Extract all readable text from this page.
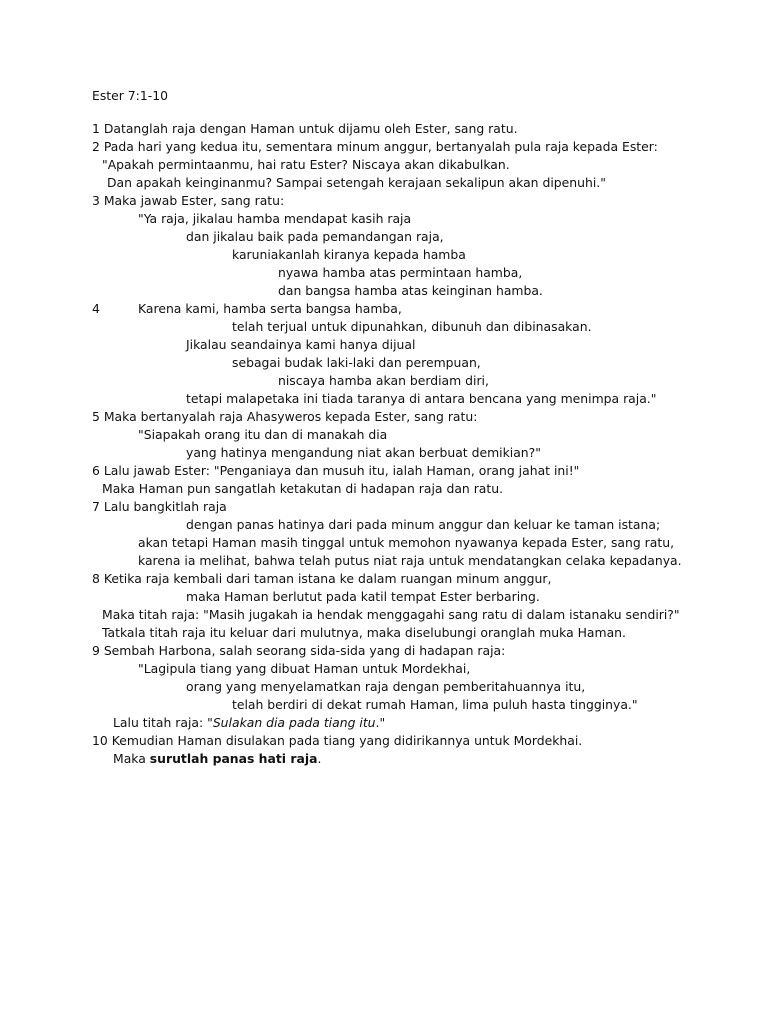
Ester 7:1-10
1 Datanglah raja dengan Haman untuk dijamu oleh Ester, sang ratu.
2 Pada hari yang kedua itu, sementara minum anggur, bertanyalah pula raja kepada Ester:
"Apakah permintaanmu, hai ratu Ester? Niscaya akan dikabulkan.
Dan apakah keinginanmu? Sampai setengah kerajaan sekalipun akan dipenuhi."
3 Maka jawab Ester, sang ratu:
"Ya raja, jikalau hamba mendapat kasih raja
dan jikalau baik pada pemandangan raja,
karuniakanlah kiranya kepada hamba
nyawa hamba atas permintaan hamba,
dan bangsa hamba atas keinginan hamba.
4	Karena kami, hamba serta bangsa hamba,
telah terjual untuk dipunahkan, dibunuh dan dibinasakan.
Jikalau seandainya kami hanya dijual
sebagai budak laki-laki dan perempuan,
niscaya hamba akan berdiam diri,
tetapi malapetaka ini tiada taranya di antara bencana yang menimpa raja."
5 Maka bertanyalah raja Ahasyweros kepada Ester, sang ratu:
"Siapakah orang itu dan di manakah dia
yang hatinya mengandung niat akan berbuat demikian?"
6 Lalu jawab Ester: "Penganiaya dan musuh itu, ialah Haman, orang jahat ini!"
Maka Haman pun sangatlah ketakutan di hadapan raja dan ratu.
7 Lalu bangkitlah raja
dengan panas hatinya dari pada minum anggur dan keluar ke taman istana;
akan tetapi Haman masih tinggal untuk memohon nyawanya kepada Ester, sang ratu,
karena ia melihat, bahwa telah putus niat raja untuk mendatangkan celaka kepadanya.
8 Ketika raja kembali dari taman istana ke dalam ruangan minum anggur,
maka Haman berlutut pada katil tempat Ester berbaring.
Maka titah raja: "Masih jugakah ia hendak menggagahi sang ratu di dalam istanaku sendiri?"
Tatkala titah raja itu keluar dari mulutnya, maka diselubungi oranglah muka Haman.
9 Sembah Harbona, salah seorang sida-sida yang di hadapan raja:
"Lagipula tiang yang dibuat Haman untuk Mordekhai,
orang yang menyelamatkan raja dengan pemberitahuannya itu,
telah berdiri di dekat rumah Haman, lima puluh hasta tingginya."
Lalu titah raja: "Sulakan dia pada tiang itu."
10 Kemudian Haman disulakan pada tiang yang didirikannya untuk Mordekhai.
Maka surutlah panas hati raja.
